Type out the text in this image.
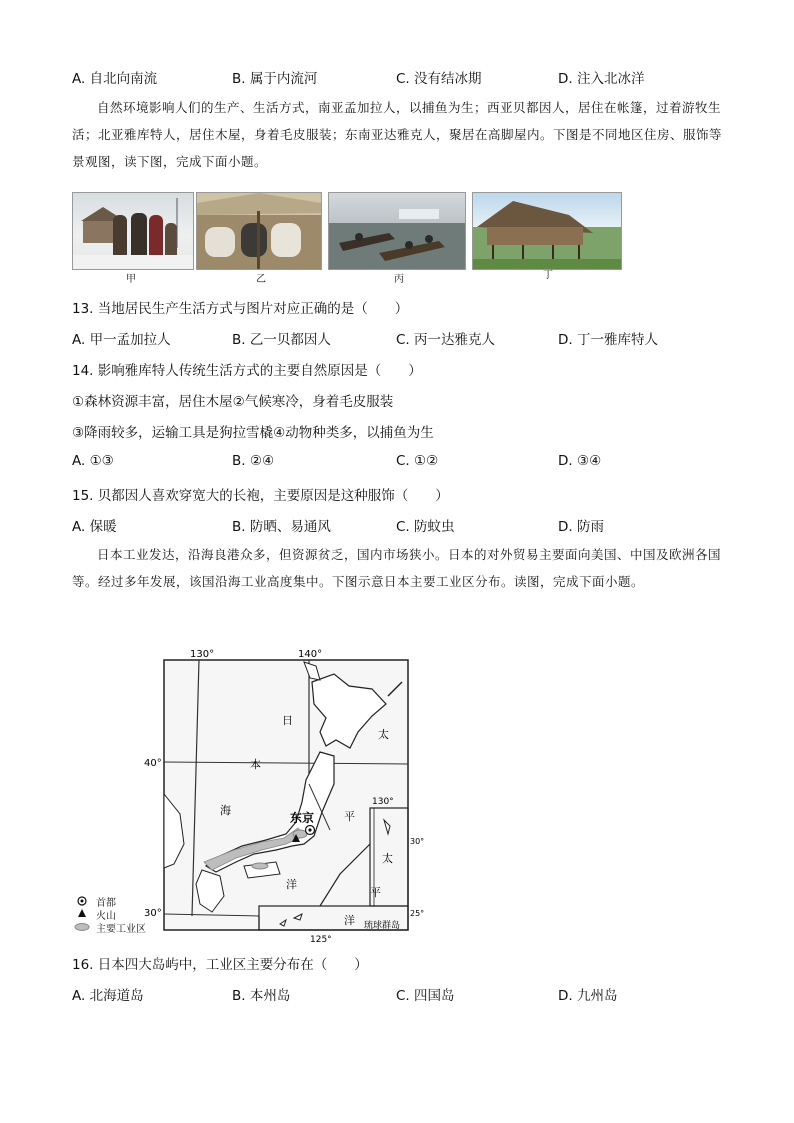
A. 自北向南流	B. 属于内流河	C. 没有结冰期	D. 注入北冰洋
自然环境影响人们的生产、生活方式，南亚孟加拉人，以捕鱼为生；西亚贝都因人，居住在帐篷，过着游牧生活；北亚雅库特人，居住木屋，身着毛皮服装；东南亚达雅克人，聚居在高脚屋内。下图是不同地区住房、服饰等景观图，读下图，完成下面小题。
甲	乙	丙	丁
13. 当地居民生产生活方式与图片对应正确的是（　　）
A. 甲一孟加拉人	B. 乙一贝都因人	C. 丙一达雅克人	D. 丁一雅库特人
14. 影响雅库特人传统生活方式的主要自然原因是（　　）
①森林资源丰富，居住木屋②气候寒冷，身着毛皮服装
③降雨较多，运输工具是狗拉雪橇④动物种类多，以捕鱼为生
A. ①③	B. ②④	C. ①②	D. ③④
15. 贝都因人喜欢穿宽大的长袍，主要原因是这种服饰（　　）
A. 保暖	B. 防晒、易通风	C. 防蚊虫	D. 防雨
日本工业发达，沿海良港众多，但资源贫乏，国内市场狭小。日本的对外贸易主要面向美国、中国及欧洲各国等。经过多年发展，该国沿海工业高度集中。下图示意日本主要工业区分布。读图，完成下面小题。
130°	140°
40°
30°
130°
30°
25°
125°
日
本
海
太
平
洋
太
平
洋
东京
琉球群岛
首都
火山
主要工业区
16. 日本四大岛屿中，工业区主要分布在（　　）
A. 北海道岛	B. 本州岛	C. 四国岛	D. 九州岛
